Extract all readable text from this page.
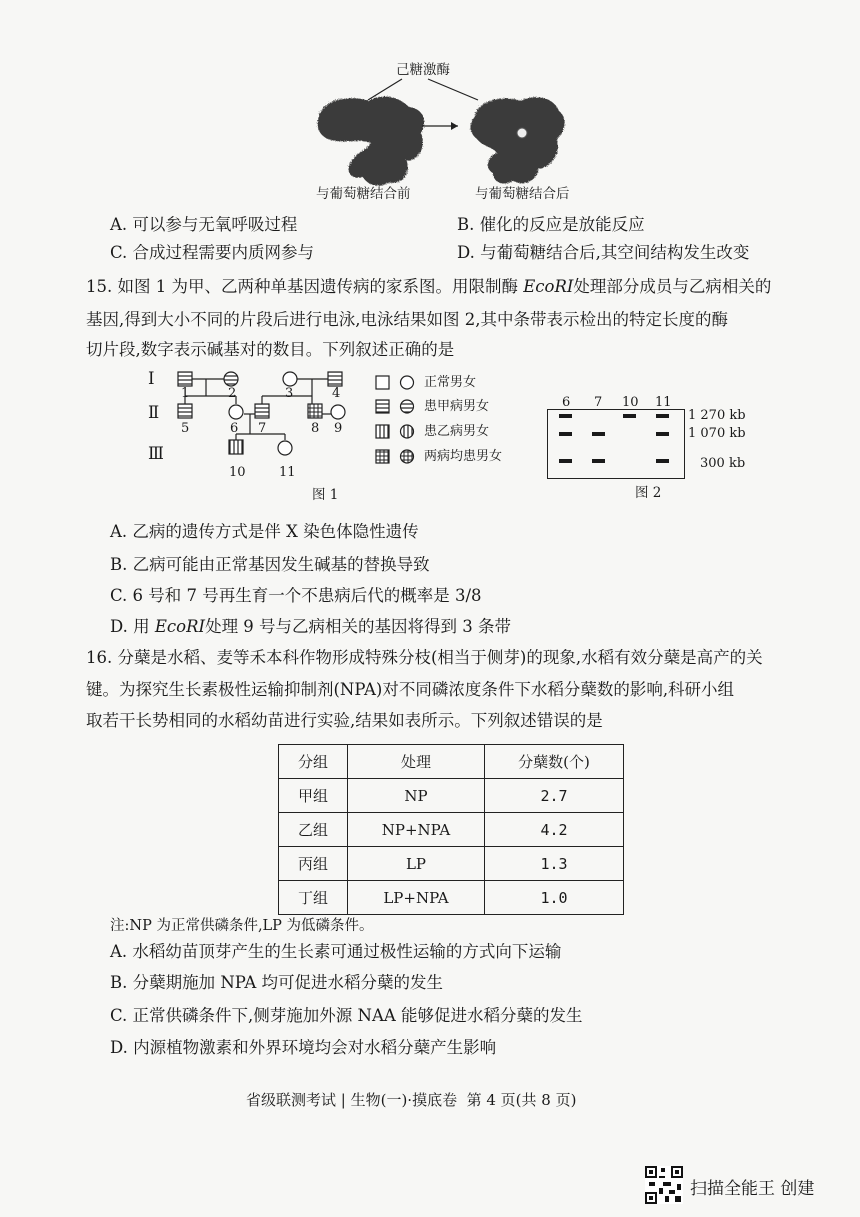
己糖激酶
与葡萄糖结合前	与葡萄糖结合后
A. 可以参与无氧呼吸过程	B. 催化的反应是放能反应
C. 合成过程需要内质网参与	D. 与葡萄糖结合后,其空间结构发生改变
15. 如图 1 为甲、乙两种单基因遗传病的家系图。用限制酶 EcoRⅠ处理部分成员与乙病相关的
基因,得到大小不同的片段后进行电泳,电泳结果如图 2,其中条带表示检出的特定长度的酶
切片段,数字表示碱基对的数目。下列叙述正确的是
Ⅰ
Ⅱ
Ⅲ
1	2	3	4
5	6 7	8 9
10	11
图 1
正常男女
患甲病男女
患乙病男女
两病均患男女
6 7 10 11
1 270 kb
1 070 kb
300 kb
图 2
A. 乙病的遗传方式是伴 X 染色体隐性遗传
B. 乙病可能由正常基因发生碱基的替换导致
C. 6 号和 7 号再生育一个不患病后代的概率是 3/8
D. 用 EcoRⅠ处理 9 号与乙病相关的基因将得到 3 条带
16. 分蘖是水稻、麦等禾本科作物形成特殊分枝(相当于侧芽)的现象,水稻有效分蘖是高产的关
键。为探究生长素极性运输抑制剂(NPA)对不同磷浓度条件下水稻分蘖数的影响,科研小组
取若干长势相同的水稻幼苗进行实验,结果如表所示。下列叙述错误的是
分组	处理	分蘖数(个)
甲组	NP	2.7
乙组	NP+NPA	4.2
丙组	LP	1.3
丁组	LP+NPA	1.0
注:NP 为正常供磷条件,LP 为低磷条件。
A. 水稻幼苗顶芽产生的生长素可通过极性运输的方式向下运输
B. 分蘖期施加 NPA 均可促进水稻分蘖的发生
C. 正常供磷条件下,侧芽施加外源 NAA 能够促进水稻分蘖的发生
D. 内源植物激素和外界环境均会对水稻分蘖产生影响
省级联测考试 | 生物(一)·摸底卷  第 4 页(共 8 页)
扫描全能王 创建
